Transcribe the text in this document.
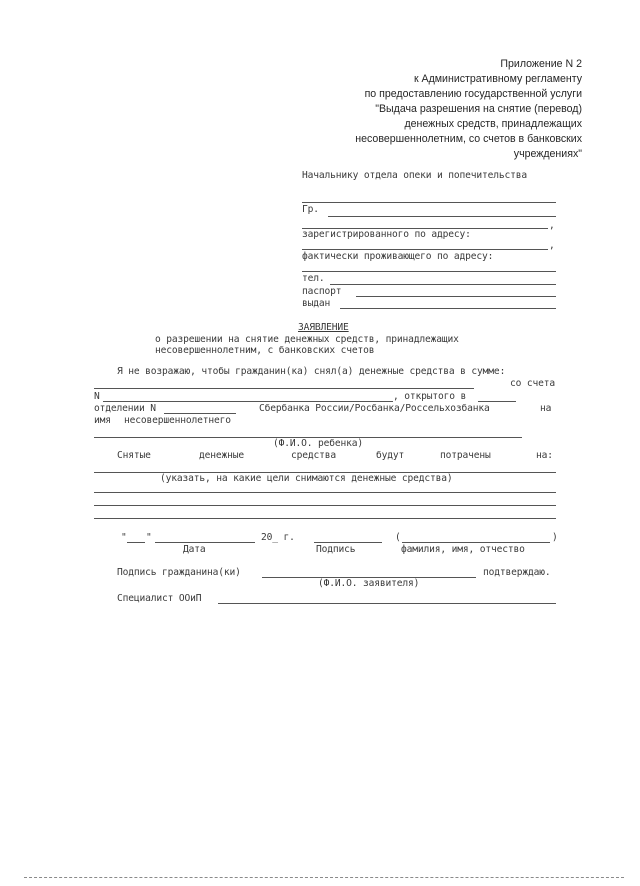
Приложение N 2
к Административному регламенту
по предоставлению государственной услуги
"Выдача разрешения на снятие (перевод)
денежных средств, принадлежащих
несовершеннолетним, со счетов в банковских
учреждениях"
Начальнику отдела опеки и попечительства
Гр.
,
зарегистрированного по адресу:
,
фактически проживающего по адресу:
тел.
паспорт
выдан
ЗАЯВЛЕНИЕ
о разрешении на снятие денежных средств, принадлежащих
несовершеннолетним, с банковских счетов
Я не возражаю, чтобы гражданин(ка) снял(а) денежные средства в сумме:
со счета
N	, открытого в
отделении N	Сбербанка России/Росбанка/Россельхозбанка	на
имя несовершеннолетнего
(Ф.И.О. ребенка)
Снятые	денежные	средства	будут	потрачены	на:
(указать, на какие цели снимаются денежные средства)
" "	20_ г.	(	)
Дата	Подпись	фамилия, имя, отчество
Подпись гражданина(ки)	подтверждаю.
(Ф.И.О. заявителя)
Специалист ООиП
